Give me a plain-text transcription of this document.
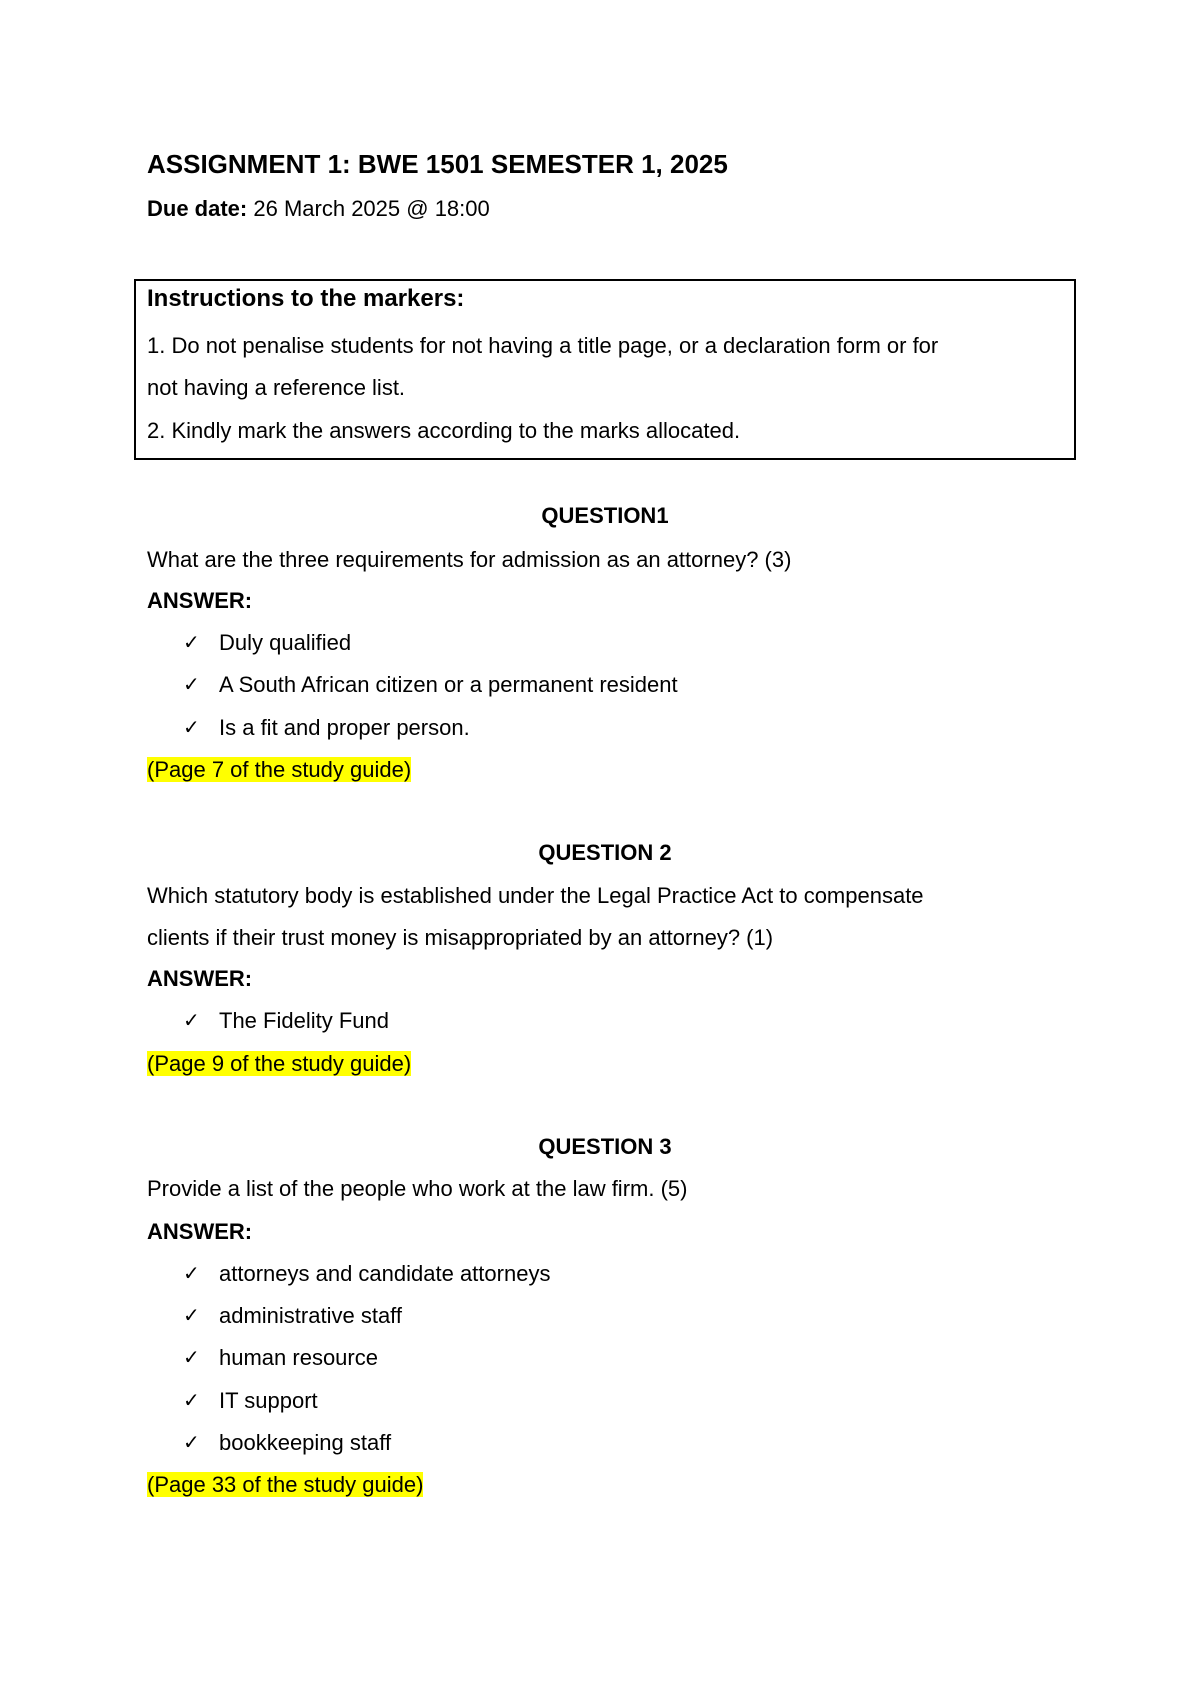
ASSIGNMENT 1: BWE 1501 SEMESTER 1, 2025
Due date: 26 March 2025 @ 18:00
Instructions to the markers:
1. Do not penalise students for not having a title page, or a declaration form or for
not having a reference list.
2. Kindly mark the answers according to the marks allocated.
QUESTION1
What are the three requirements for admission as an attorney? (3)
ANSWER:
✓ Duly qualified
✓ A South African citizen or a permanent resident
✓ Is a fit and proper person.
(Page 7 of the study guide)
QUESTION 2
Which statutory body is established under the Legal Practice Act to compensate
clients if their trust money is misappropriated by an attorney? (1)
ANSWER:
✓ The Fidelity Fund
(Page 9 of the study guide)
QUESTION 3
Provide a list of the people who work at the law firm. (5)
ANSWER:
✓ attorneys and candidate attorneys
✓ administrative staff
✓ human resource
✓ IT support
✓ bookkeeping staff
(Page 33 of the study guide)
